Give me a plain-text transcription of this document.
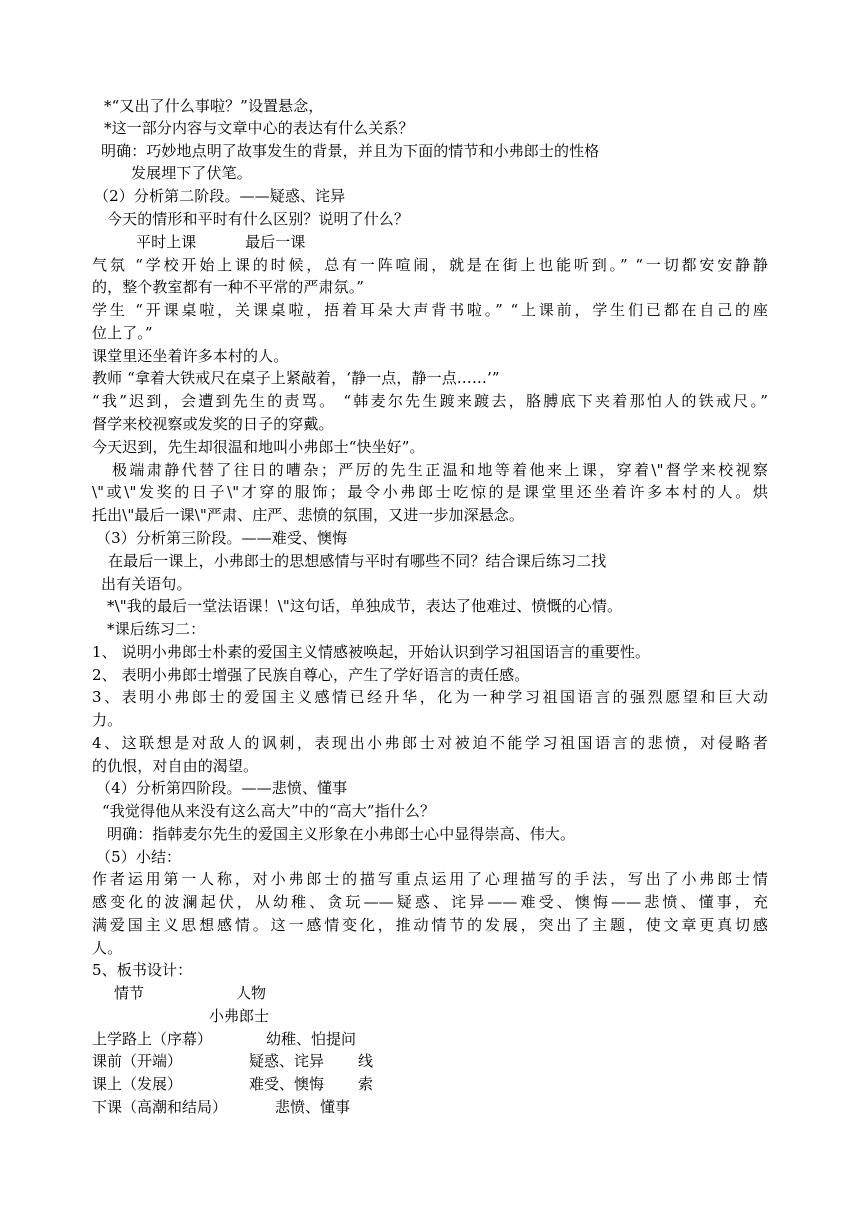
*“又出了什么事啦？”设置悬念，
*这一部分内容与文章中心的表达有什么关系？
明确：巧妙地点明了故事发生的背景，并且为下面的情节和小弗郎士的性格
发展埋下了伏笔。
（2）分析第二阶段。——疑惑、诧异
今天的情形和平时有什么区别？说明了什么？
平时上课          最后一课
气氛 “学校开始上课的时候，总有一阵喧闹，就是在街上也能听到。” “一切都安安静静
的，整个教室都有一种不平常的严肃氛。”
学生 “开课桌啦，关课桌啦，捂着耳朵大声背书啦。” “上课前，学生们已都在自己的座
位上了。”
课堂里还坐着许多本村的人。
教师 “拿着大铁戒尺在桌子上紧敲着，‘静一点，静一点……’”
“我”迟到，会遭到先生的责骂。 “韩麦尔先生踱来踱去，胳膊底下夹着那怕人的铁戒尺。”
督学来校视察或发奖的日子的穿戴。
今天迟到，先生却很温和地叫小弗郎士“快坐好”。
极端肃静代替了往日的嘈杂；严厉的先生正温和地等着他来上课，穿着\"督学来校视察
\"或\"发奖的日子\"才穿的服饰；最令小弗郎士吃惊的是课堂里还坐着许多本村的人。烘
托出\"最后一课\"严肃、庄严、悲愤的氛围，又进一步加深悬念。
（3）分析第三阶段。——难受、懊悔
在最后一课上，小弗郎士的思想感情与平时有哪些不同？结合课后练习二找
出有关语句。
*\"我的最后一堂法语课！\"这句话，单独成节，表达了他难过、愤慨的心情。
*课后练习二：
1、 说明小弗郎士朴素的爱国主义情感被唤起，开始认识到学习祖国语言的重要性。
2、 表明小弗郎士增强了民族自尊心，产生了学好语言的责任感。
3、表明小弗郎士的爱国主义感情已经升华，化为一种学习祖国语言的强烈愿望和巨大动
力。
4、这联想是对敌人的讽刺，表现出小弗郎士对被迫不能学习祖国语言的悲愤，对侵略者
的仇恨，对自由的渴望。
（4）分析第四阶段。——悲愤、懂事
“我觉得他从来没有这么高大”中的“高大”指什么？
明确：指韩麦尔先生的爱国主义形象在小弗郎士心中显得崇高、伟大。
（5）小结：
作者运用第一人称，对小弗郎士的描写重点运用了心理描写的手法，写出了小弗郎士情
感变化的波澜起伏，从幼稚、贪玩——疑惑、诧异——难受、懊悔——悲愤、懂事，充
满爱国主义思想感情。这一感情变化，推动情节的发展，突出了主题，使文章更真切感
人。
5、板书设计：
情节	人物
小弗郎士
上学路上（序幕）	幼稚、怕提问
课前（开端）	疑惑、诧异 线
课上（发展）	难受、懊悔 索
下课（高潮和结局）	悲愤、懂事
